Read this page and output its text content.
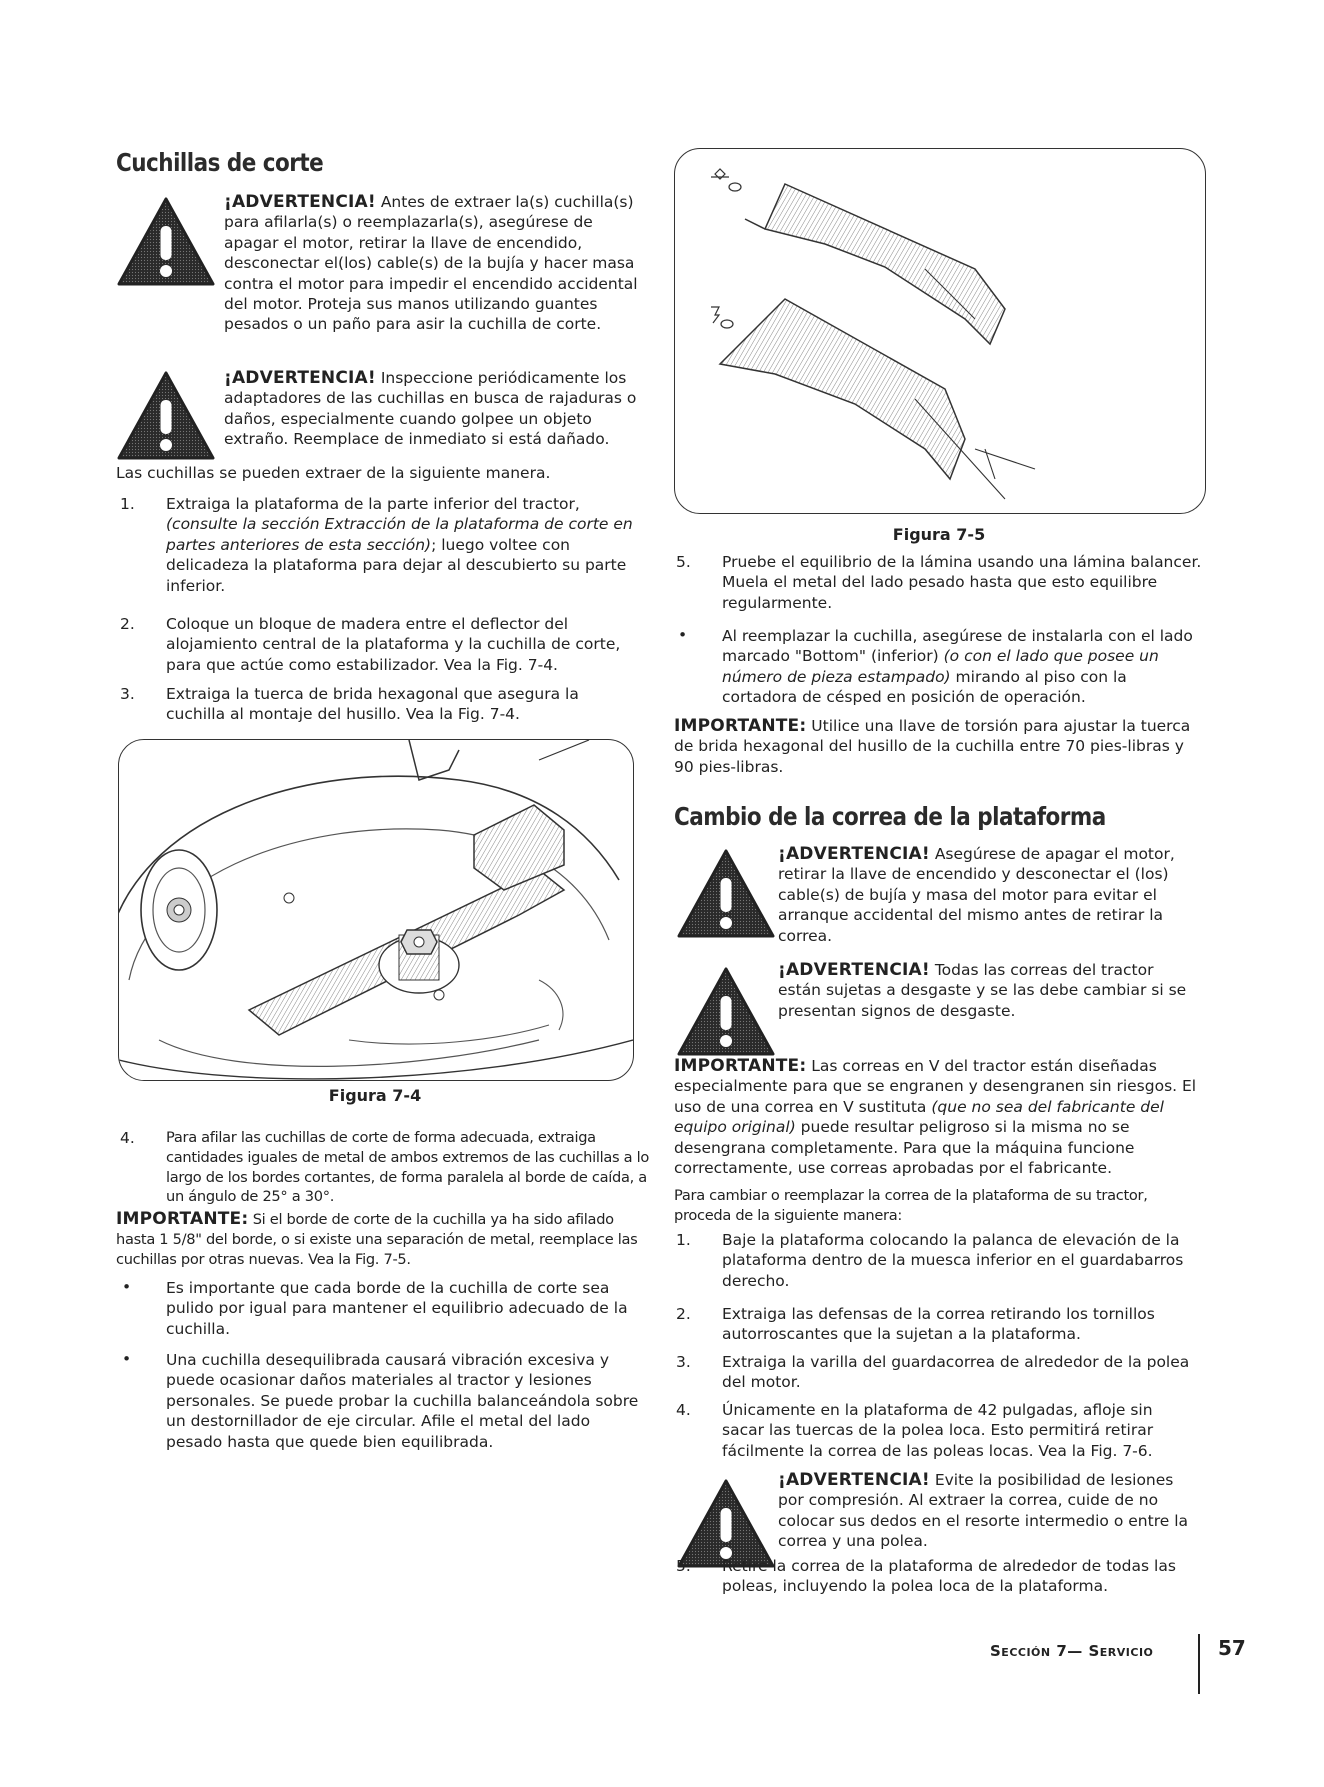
Cuchillas de corte

¡ADVERTENCIA! Antes de extraer la(s) cuchilla(s) para afilarla(s) o reemplazarla(s), asegúrese de apagar el motor, retirar la llave de encendido, desconectar el(los) cable(s) de la bujía y hacer masa contra el motor para impedir el encendido accidental del motor. Proteja sus manos utilizando guantes pesados o un paño para asir la cuchilla de corte.

¡ADVERTENCIA! Inspeccione periódicamente los adaptadores de las cuchillas en busca de rajaduras o daños, especialmente cuando golpee un objeto extraño. Reemplace de inmediato si está dañado.

Las cuchillas se pueden extraer de la siguiente manera.

1. Extraiga la plataforma de la parte inferior del tractor, (consulte la sección Extracción de la plataforma de corte en partes anteriores de esta sección); luego voltee con delicadeza la plataforma para dejar al descubierto su parte inferior.

2. Coloque un bloque de madera entre el deflector del alojamiento central de la plataforma y la cuchilla de corte, para que actúe como estabilizador. Vea la Fig. 7-4.

3. Extraiga la tuerca de brida hexagonal que asegura la cuchilla al montaje del husillo. Vea la Fig. 7-4.

Figura 7-4
4. Para afilar las cuchillas de corte de forma adecuada, extraiga cantidades iguales de metal de ambos extremos de las cuchillas a lo largo de los bordes cortantes, de forma paralela al borde de caída, a un ángulo de 25° a 30°.

IMPORTANTE: Si el borde de corte de la cuchilla ya ha sido afilado hasta 1 5/8" del borde, o si existe una separación de metal, reemplace las cuchillas por otras nuevas. Vea la Fig. 7-5.

• Es importante que cada borde de la cuchilla de corte sea pulido por igual para mantener el equilibrio adecuado de la cuchilla.

• Una cuchilla desequilibrada causará vibración excesiva y puede ocasionar daños materiales al tractor y lesiones personales. Se puede probar la cuchilla balanceándola sobre un destornillador de eje circular. Afile el metal del lado pesado hasta que quede bien equilibrada.

Figura 7-5
5. Pruebe el equilibrio de la lámina usando una lámina balancer. Muela el metal del lado pesado hasta que esto equilibre regularmente.

• Al reemplazar la cuchilla, asegúrese de instalarla con el lado marcado "Bottom" (inferior) (o con el lado que posee un número de pieza estampado) mirando al piso con la cortadora de césped en posición de operación.

IMPORTANTE: Utilice una llave de torsión para ajustar la tuerca de brida hexagonal del husillo de la cuchilla entre 70 pies-libras y 90 pies-libras.

Cambio de la correa de la plataforma

¡ADVERTENCIA! Asegúrese de apagar el motor, retirar la llave de encendido y desconectar el (los) cable(s) de bujía y masa del motor para evitar el arranque accidental del mismo antes de retirar la correa.

¡ADVERTENCIA! Todas las correas del tractor están sujetas a desgaste y se las debe cambiar si se presentan signos de desgaste.

IMPORTANTE: Las correas en V del tractor están diseñadas especialmente para que se engranen y desengranen sin riesgos. El uso de una correa en V sustituta (que no sea del fabricante del equipo original) puede resultar peligroso si la misma no se desengrana completamente. Para que la máquina funcione correctamente, use correas aprobadas por el fabricante.

Para cambiar o reemplazar la correa de la plataforma de su tractor, proceda de la siguiente manera:

1. Baje la plataforma colocando la palanca de elevación de la plataforma dentro de la muesca inferior en el guardabarros derecho.

2. Extraiga las defensas de la correa retirando los tornillos autorroscantes que la sujetan a la plataforma.

3. Extraiga la varilla del guardacorrea de alrededor de la polea del motor.

4. Únicamente en la plataforma de 42 pulgadas, afloje sin sacar las tuercas de la polea loca. Esto permitirá retirar fácilmente la correa de las poleas locas. Vea la Fig. 7-6.

¡ADVERTENCIA! Evite la posibilidad de lesiones por compresión. Al extraer la correa, cuide de no colocar sus dedos en el resorte intermedio o entre la correa y una polea.

5. Retire la correa de la plataforma de alrededor de todas las poleas, incluyendo la polea loca de la plataforma.

Sección 7— Servicio	57
